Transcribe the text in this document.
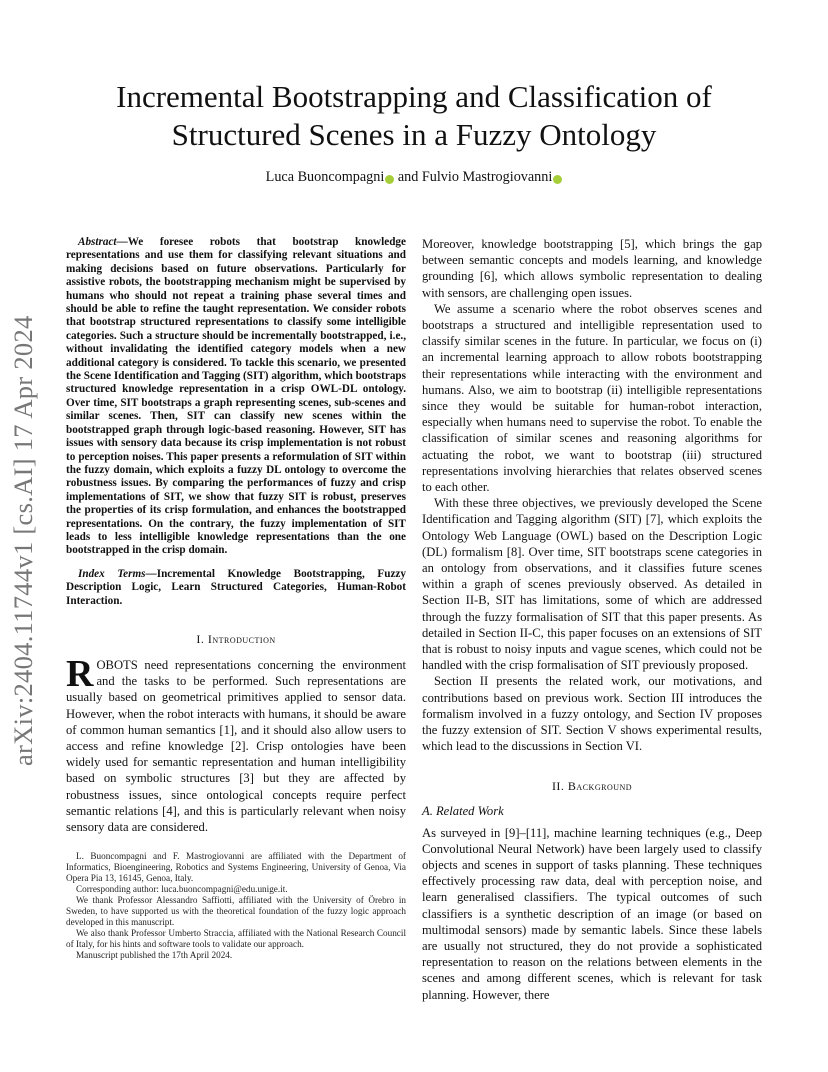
arXiv:2404.11744v1 [cs.AI] 17 Apr 2024
Incremental Bootstrapping and Classification of
Structured Scenes in a Fuzzy Ontology
Luca Buoncompagni and Fulvio Mastrogiovanni

Abstract—We foresee robots that bootstrap knowledge representations and use them for classifying relevant situations and making decisions based on future observations. Particularly for assistive robots, the bootstrapping mechanism might be supervised by humans who should not repeat a training phase several times and should be able to refine the taught representation. We consider robots that bootstrap structured representations to classify some intelligible categories. Such a structure should be incrementally bootstrapped, i.e., without invalidating the identified category models when a new additional category is considered. To tackle this scenario, we presented the Scene Identification and Tagging (SIT) algorithm, which bootstraps structured knowledge representation in a crisp OWL-DL ontology. Over time, SIT bootstraps a graph representing scenes, sub-scenes and similar scenes. Then, SIT can classify new scenes within the bootstrapped graph through logic-based reasoning. However, SIT has issues with sensory data because its crisp implementation is not robust to perception noises. This paper presents a reformulation of SIT within the fuzzy domain, which exploits a fuzzy DL ontology to overcome the robustness issues. By comparing the performances of fuzzy and crisp implementations of SIT, we show that fuzzy SIT is robust, preserves the properties of its crisp formulation, and enhances the bootstrapped representations. On the contrary, the fuzzy implementation of SIT leads to less intelligible knowledge representations than the one bootstrapped in the crisp domain.

Index Terms—Incremental Knowledge Bootstrapping, Fuzzy Description Logic, Learn Structured Categories, Human-Robot Interaction.

I. Introduction

ROBOTS need representations concerning the environment and the tasks to be performed. Such representations are usually based on geometrical primitives applied to sensor data. However, when the robot interacts with humans, it should be aware of common human semantics [1], and it should also allow users to access and refine knowledge [2]. Crisp ontologies have been widely used for semantic representation and human intelligibility based on symbolic structures [3] but they are affected by robustness issues, since ontological concepts require perfect semantic relations [4], and this is particularly relevant when noisy sensory data are considered.

L. Buoncompagni and F. Mastrogiovanni are affiliated with the Department of Informatics, Bioengineering, Robotics and Systems Engineering, University of Genoa, Via Opera Pia 13, 16145, Genoa, Italy.

Corresponding author: luca.buoncompagni@edu.unige.it.

We thank Professor Alessandro Saffiotti, affiliated with the University of Örebro in Sweden, to have supported us with the theoretical foundation of the fuzzy logic approach developed in this manuscript.

We also thank Professor Umberto Straccia, affiliated with the National Research Council of Italy, for his hints and software tools to validate our approach.

Manuscript published the 17th April 2024.

Moreover, knowledge bootstrapping [5], which brings the gap between semantic concepts and models learning, and knowledge grounding [6], which allows symbolic representation to dealing with sensors, are challenging open issues.

We assume a scenario where the robot observes scenes and bootstraps a structured and intelligible representation used to classify similar scenes in the future. In particular, we focus on (i) an incremental learning approach to allow robots bootstrapping their representations while interacting with the environment and humans. Also, we aim to bootstrap (ii) intelligible representations since they would be suitable for human-robot interaction, especially when humans need to supervise the robot. To enable the classification of similar scenes and reasoning algorithms for actuating the robot, we want to bootstrap (iii) structured representations involving hierarchies that relates observed scenes to each other.

With these three objectives, we previously developed the Scene Identification and Tagging algorithm (SIT) [7], which exploits the Ontology Web Language (OWL) based on the Description Logic (DL) formalism [8]. Over time, SIT bootstraps scene categories in an ontology from observations, and it classifies future scenes within a graph of scenes previously observed. As detailed in Section II-B, SIT has limitations, some of which are addressed through the fuzzy formalisation of SIT that this paper presents. As detailed in Section II-C, this paper focuses on an extensions of SIT that is robust to noisy inputs and vague scenes, which could not be handled with the crisp formalisation of SIT previously proposed.

Section II presents the related work, our motivations, and contributions based on previous work. Section III introduces the formalism involved in a fuzzy ontology, and Section IV proposes the fuzzy extension of SIT. Section V shows experimental results, which lead to the discussions in Section VI.

II. Background
A. Related Work

As surveyed in [9]–[11], machine learning techniques (e.g., Deep Convolutional Neural Network) have been largely used to classify objects and scenes in support of tasks planning. These techniques effectively processing raw data, deal with perception noise, and learn generalised classifiers. The typical outcomes of such classifiers is a synthetic description of an image (or based on multimodal sensors) made by semantic labels. Since these labels are usually not structured, they do not provide a sophisticated representation to reason on the relations between elements in the scenes and among different scenes, which is relevant for task planning. However, there
